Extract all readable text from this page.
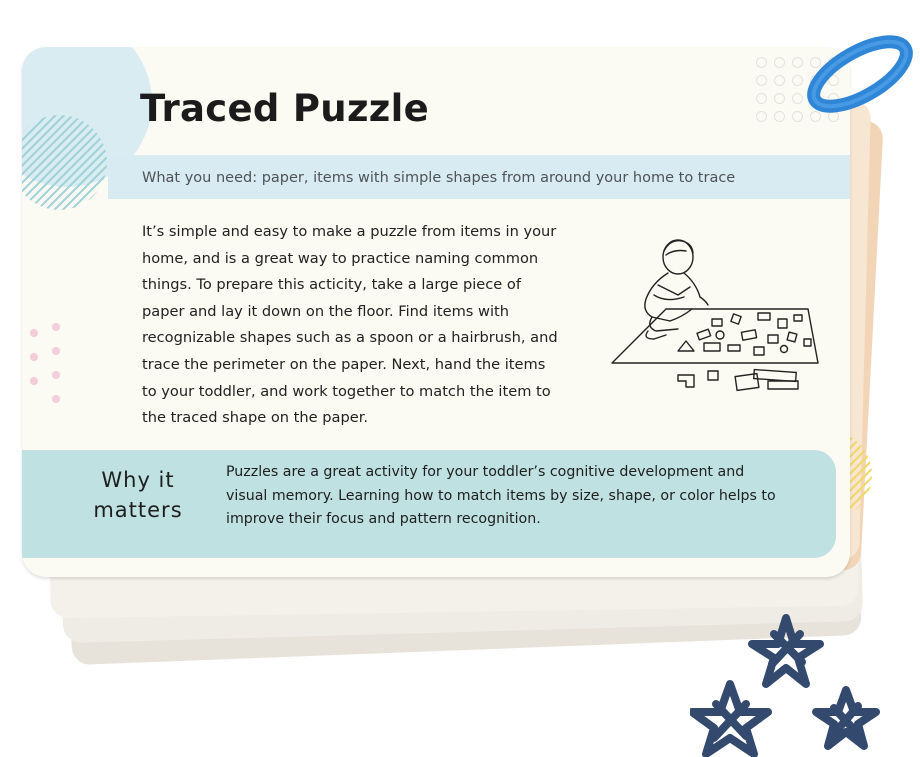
Traced Puzzle
What you need: paper, items with simple shapes from around your home to trace
It’s simple and easy to make a puzzle from items in your
home, and is a great way to practice naming common
things. To prepare this acticity, take a large piece of
paper and lay it down on the floor. Find items with
recognizable shapes such as a spoon or a hairbrush, and
trace the perimeter on the paper. Next, hand the items
to your toddler, and work together to match the item to
the traced shape on the paper.
Why it
matters
Puzzles are a great activity for your toddler’s cognitive development and
visual memory. Learning how to match items by size, shape, or color helps to
improve their focus and pattern recognition.
